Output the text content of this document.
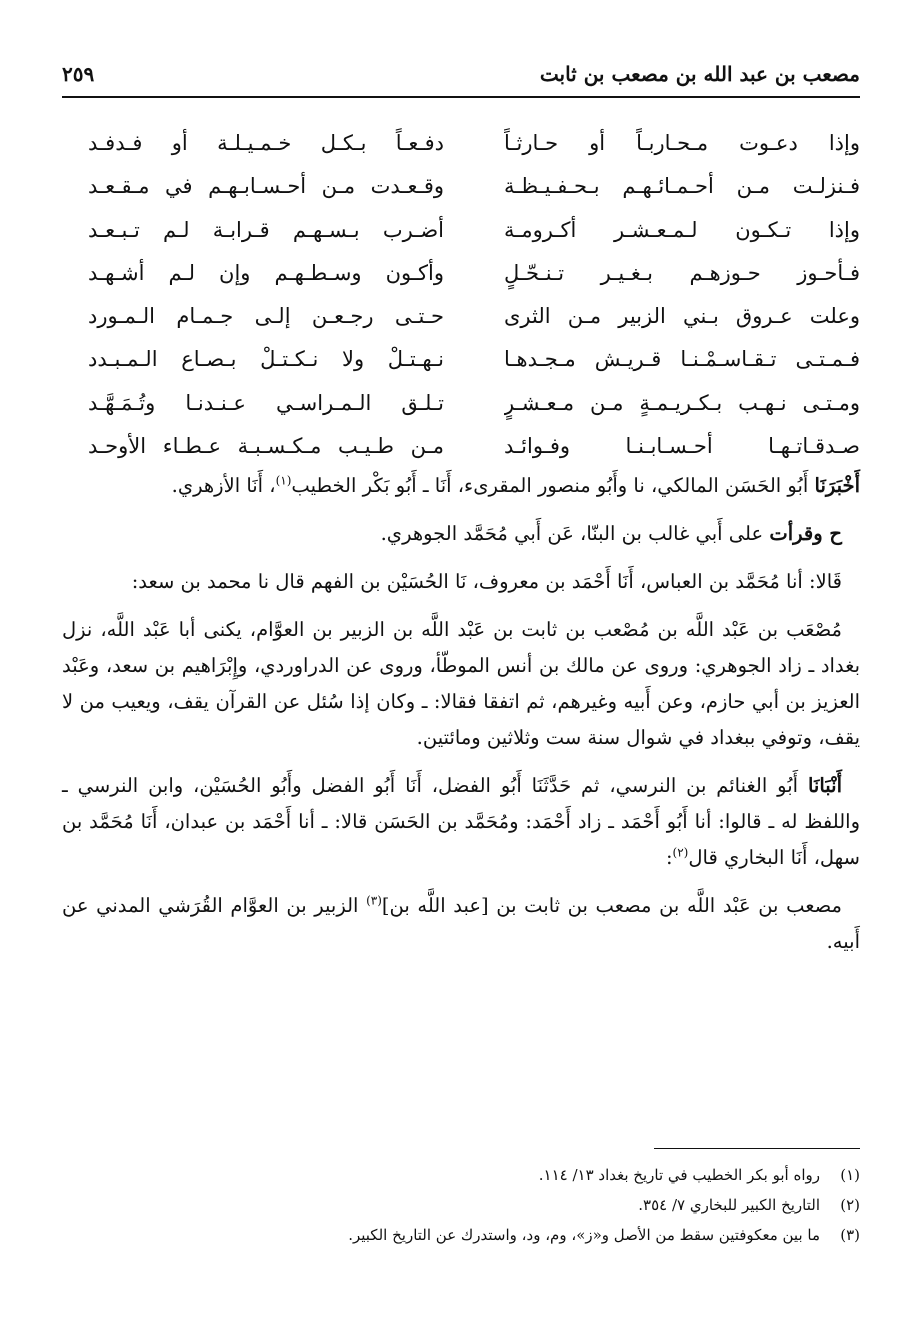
مصعب بن عبد الله بن مصعب بن ثابت
٢٥٩
وإذا دعـوت مـحـاربـاً أو حـارثـاً
دفـعـاً بـكـل خـمـيـلـة أو فـدفـد
فـنزلـت مـن أحـمـائـهـم بـحـفـيـظـة
وقـعـدت مـن أحـسـابـهـم في مـقـعـد
وإذا تـكـون لـمـعـشـر أكـرومـة
أضـرب بـسـهـم قـرابـة لـم تـبـعـد
فـأحـوز حـوزهـم بـغـيـر تـنـحّـلٍ
وأكـون وسـطـهـم وإن لـم أشـهـد
وعلت عـروق بـني الزبير مـن الثرى
حـتـى رجـعـن إلـى جـمـام الـمـورد
فـمـتـى تـقـاسـمْـنـا قـريـش مـجـدهـا
نـهـتـلْ ولا نـكـتـلْ بـصـاع الـمـبـدد
ومـتـى نـهـب بـكـريـمـةٍ مـن مـعـشـرٍ
تـلـق الـمـراسـي عـنـدنـا وتُـمَـهَّـد
صـدقـاتـهـا أحـسـابـنـا وفـوائـد
مـن طـيـب مـكـسـبـة عـطـاء الأوحـد

أَخْبَرَنَا أَبُو الحَسَن المالكي، نا وأَبُو منصور المقرىء، أَنَا ـ أَبُو بَكْر الخطيب$^{(١)}$، أَنَا الأزهري.

ح وقرأت على أَبي غالب بن البنّا، عَن أَبي مُحَمَّد الجوهري.

قَالا: أنا مُحَمَّد بن العباس، أَنَا أَحْمَد بن معروف، نَا الحُسَيْن بن الفهم قال نا محمد بن سعد:

مُصْعَب بن عَبْد اللَّه بن مُصْعب بن ثابت بن عَبْد اللَّه بن الزبير بن العوَّام، يكنى أبا عَبْد اللَّه، نزل بغداد ـ زاد الجوهري: وروى عن مالك بن أنس الموطّأ، وروى عن الدراوردي، وإِبْرَاهيم بن سعد، وعَبْد العزيز بن أبي حازم، وعن أَبيه وغيرهم، ثم اتفقا فقالا: ـ وكان إذا سُئل عن القرآن يقف، ويعيب من لا يقف، وتوفي ببغداد في شوال سنة ست وثلاثين ومائتين.

أَنْبَانَا أَبُو الغنائم بن النرسي، ثم حَدَّثَنَا أَبُو الفضل، أَنَا أَبُو الفضل وأَبُو الحُسَيْن، وابن النرسي ـ واللفظ له ـ قالوا: أنا أَبُو أَحْمَد ـ زاد أَحْمَد: ومُحَمَّد بن الحَسَن قالا: ـ أنا أَحْمَد بن عبدان، أَنَا مُحَمَّد بن سهل، أَنَا البخاري قال$^{(٢)}$:

مصعب بن عَبْد اللَّه بن مصعب بن ثابت بن [عبد اللَّه بن]$^{(٣)}$ الزبير بن العوَّام القُرَشي المدني عن أَبيه.

(١)
رواه أبو بكر الخطيب في تاريخ بغداد ١٣/ ١١٤.
(٢)
التاريخ الكبير للبخاري ٧/ ٣٥٤.
(٣)
ما بين معكوفتين سقط من الأصل و«ز»، وم، ود، واستدرك عن التاريخ الكبير.
